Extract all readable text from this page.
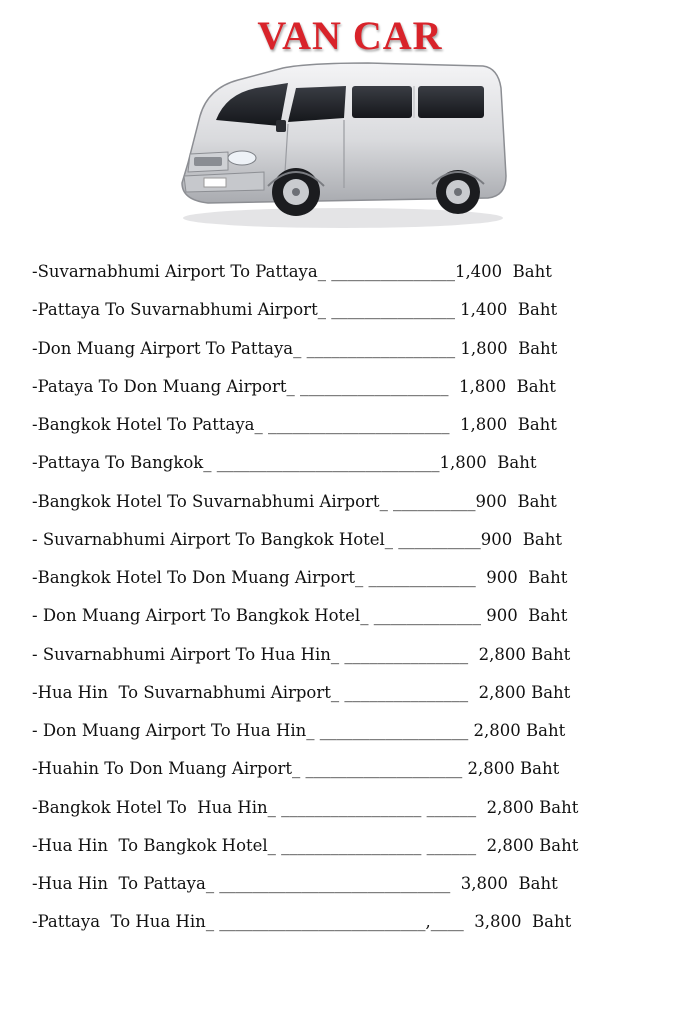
VAN CAR
-Suvarnabhumi Airport To Pattaya_ _______________1,400  Baht
-Pattaya To Suvarnabhumi Airport_ _______________ 1,400  Baht
-Don Muang Airport To Pattaya_ __________________ 1,800  Baht
-Pataya To Don Muang Airport_ __________________  1,800  Baht
-Bangkok Hotel To Pattaya_ ______________________  1,800  Baht
-Pattaya To Bangkok_ ___________________________1,800  Baht
-Bangkok Hotel To Suvarnabhumi Airport_ __________900  Baht
- Suvarnabhumi Airport To Bangkok Hotel_ __________900  Baht
-Bangkok Hotel To Don Muang Airport_ _____________  900  Baht
- Don Muang Airport To Bangkok Hotel_ _____________ 900  Baht
- Suvarnabhumi Airport To Hua Hin_ _______________  2,800 Baht
-Hua Hin  To Suvarnabhumi Airport_ _______________  2,800 Baht
- Don Muang Airport To Hua Hin_ __________________ 2,800 Baht
-Huahin To Don Muang Airport_ ___________________ 2,800 Baht
-Bangkok Hotel To  Hua Hin_ _________________ ______  2,800 Baht
-Hua Hin  To Bangkok Hotel_ _________________ ______  2,800 Baht
-Hua Hin  To Pattaya_ ____________________________  3,800  Baht
-Pattaya  To Hua Hin_ _________________________,____  3,800  Baht
